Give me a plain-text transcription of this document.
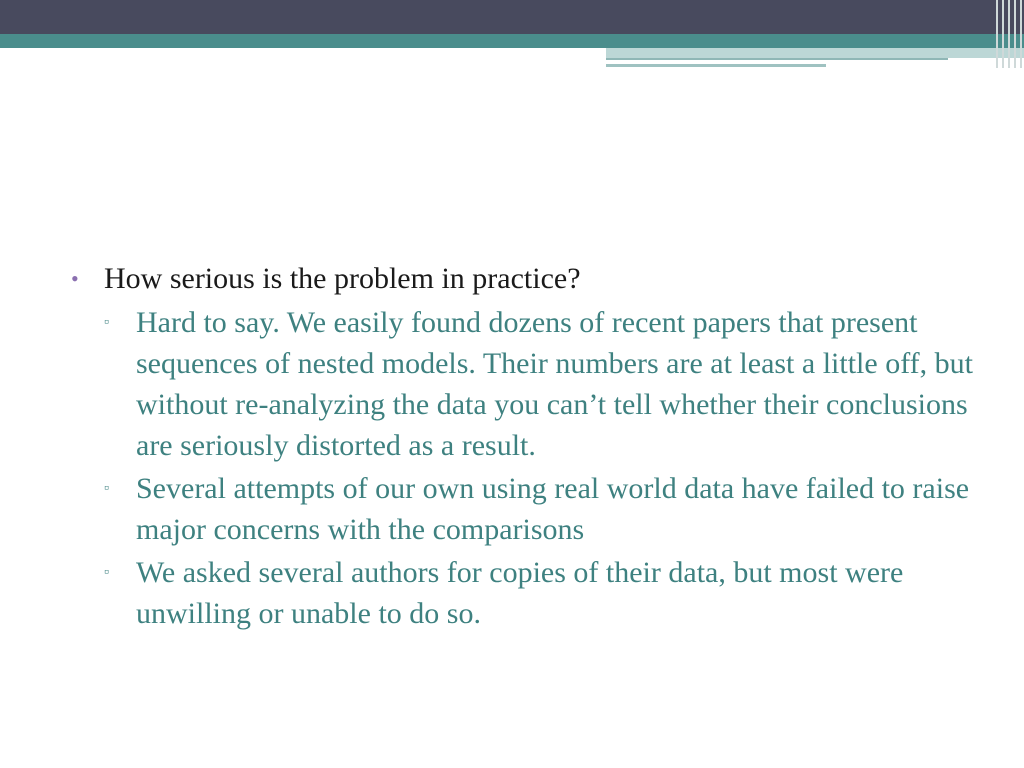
• How serious is the problem in practice?
▫ Hard to say. We easily found dozens of recent papers that present sequences of nested models. Their numbers are at least a little off, but without re-analyzing the data you can’t tell whether their conclusions are seriously distorted as a result.
▫ Several attempts of our own using real world data have failed to raise major concerns with the comparisons
▫ We asked several authors for copies of their data, but most were unwilling or unable to do so.
